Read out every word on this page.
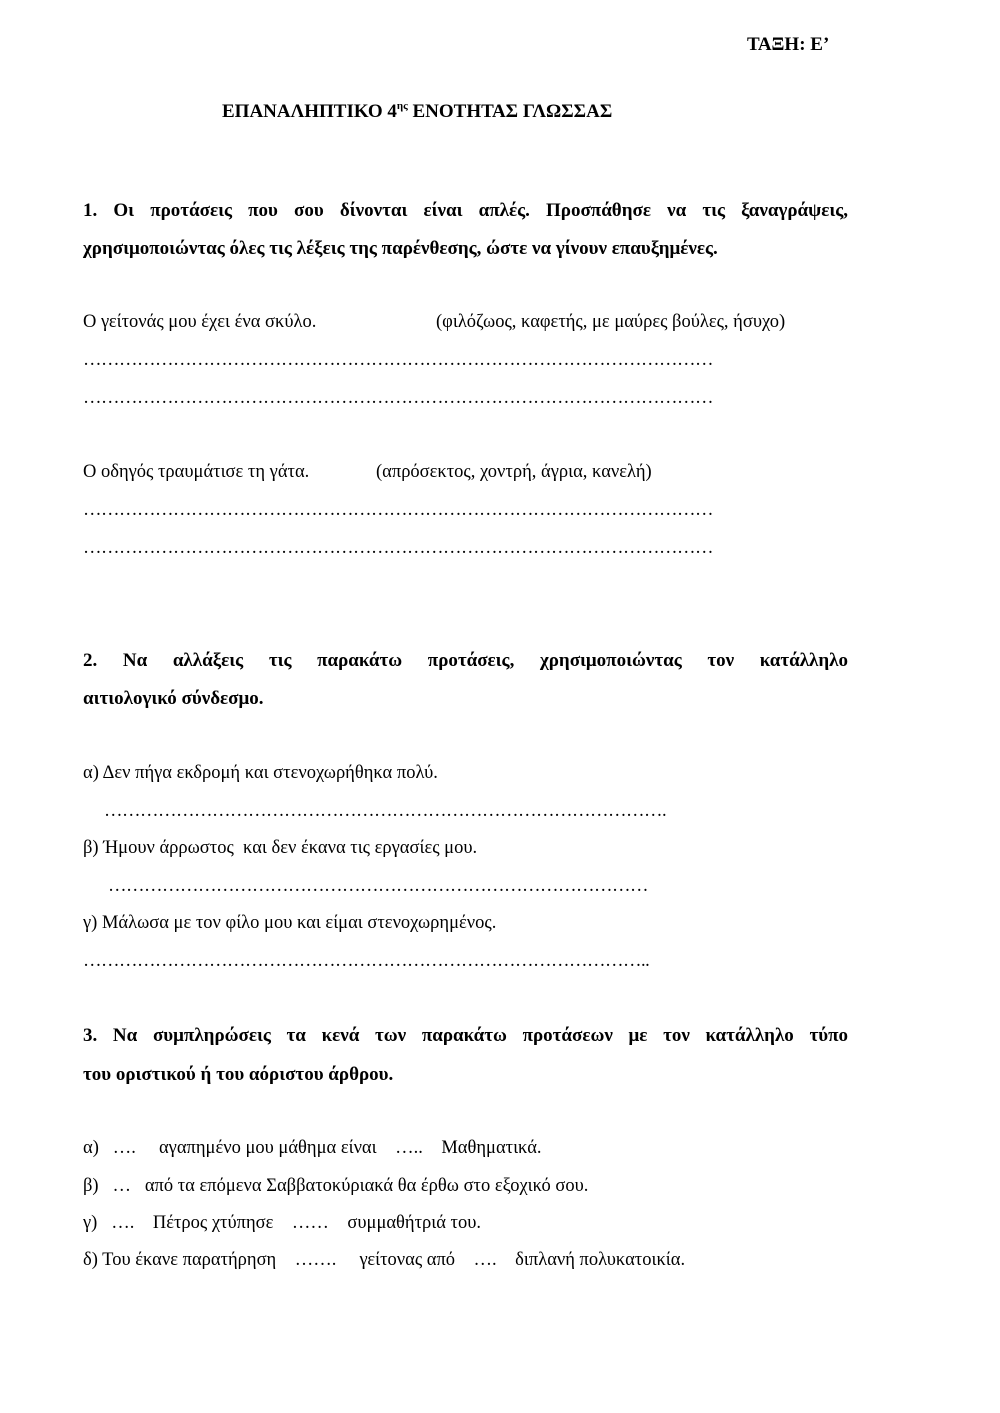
ΤΑΞΗ: Ε’
ΕΠΑΝΑΛΗΠΤΙΚΟ $4^{\eta\varsigma}$ ΕΝΟΤΗΤΑΣ ΓΛΩΣΣΑΣ
1. Οι προτάσεις που σου δίνονται είναι απλές. Προσπάθησε να τις ξαναγράψεις,
χρησιμοποιώντας όλες τις λέξεις της παρένθεσης, ώστε να γίνουν επαυξημένες.
Ο γείτονάς μου έχει ένα σκύλο.	(φιλόζωος, καφετής, με μαύρες βούλες, ήσυχο)
……………………………………………………………………………………………
……………………………………………………………………………………………
Ο οδηγός τραυμάτισε τη γάτα.	(απρόσεκτος, χοντρή, άγρια, κανελή)
……………………………………………………………………………………………
……………………………………………………………………………………………
2. Να αλλάξεις τις παρακάτω προτάσεις, χρησιμοποιώντας τον κατάλληλο
αιτιολογικό σύνδεσμο.
α) Δεν πήγα εκδρομή και στενοχωρήθηκα πολύ.
………………………………………………………………………………….
β) Ήμουν άρρωστος  και δεν έκανα τις εργασίες μου.
………………………………………………………………………………
γ) Μάλωσα με τον φίλο μου και είμαι στενοχωρημένος.
…………………………………………………………………………………..
3. Να συμπληρώσεις τα κενά των παρακάτω προτάσεων με τον κατάλληλο τύπο
του οριστικού ή του αόριστου άρθρου.
α)   ….     αγαπημένο μου μάθημα είναι    …..    Μαθηματικά.
β)   …   από τα επόμενα Σαββατοκύριακά θα έρθω στο εξοχικό σου.
γ)   ….    Πέτρος χτύπησε    ……    συμμαθήτριά του.
δ) Του έκανε παρατήρηση    …….     γείτονας από    ….    διπλανή πολυκατοικία.
